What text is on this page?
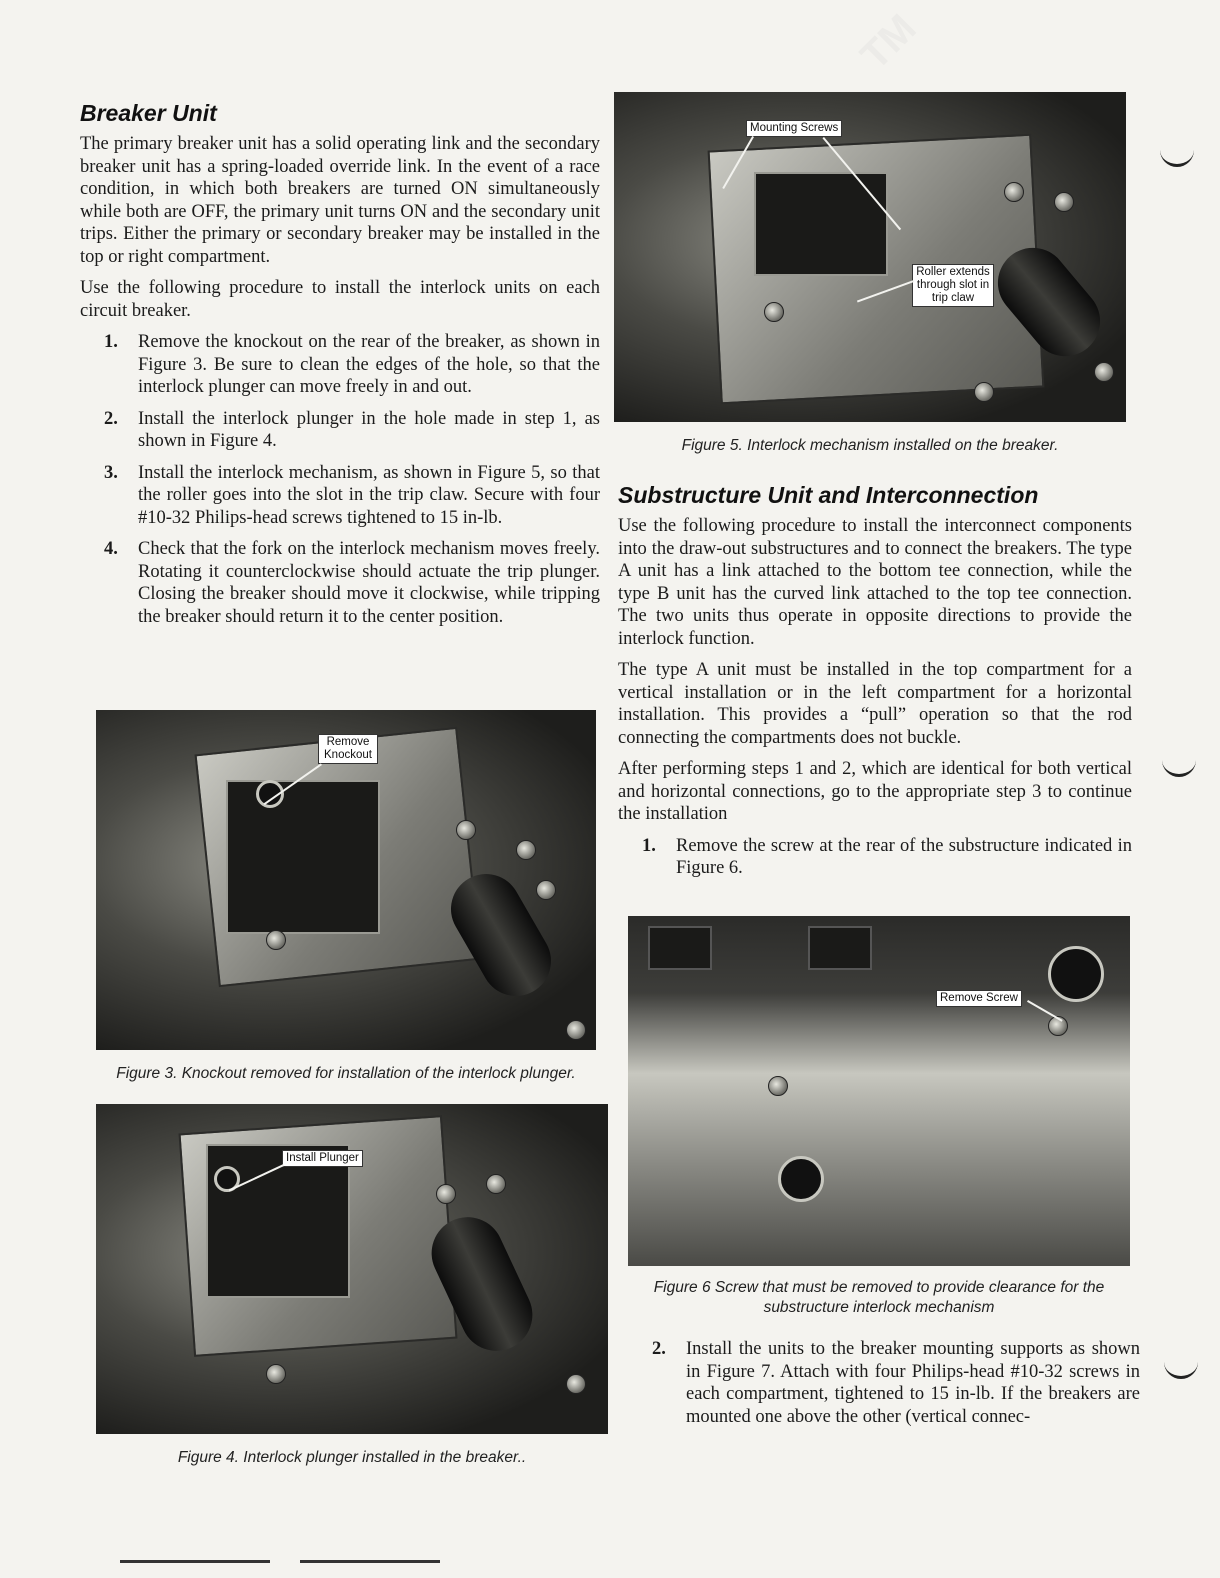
TM
Breaker Unit

The primary breaker unit has a solid operating link and the secondary breaker unit has a spring-loaded override link. In the event of a race condition, in which both breakers are turned ON simultaneously while both are OFF, the primary unit turns ON and the secondary unit trips. Either the primary or secondary breaker may be installed in the top or right compartment.

Use the following procedure to install the interlock units on each circuit breaker.

1. Remove the knockout on the rear of the breaker, as shown in Figure 3. Be sure to clean the edges of the hole, so that the interlock plunger can move freely in and out.
2. Install the interlock plunger in the hole made in step 1, as shown in Figure 4.
3. Install the interlock mechanism, as shown in Figure 5, so that the roller goes into the slot in the trip claw. Secure with four #10-32 Philips-head screws tightened to 15 in-lb.
4. Check that the fork on the interlock mechanism moves freely. Rotating it counterclockwise should actuate the trip plunger. Closing the breaker should move it clockwise, while tripping the breaker should return it to the center position.
Remove Knockout
Figure 3. Knockout removed for installation of the interlock plunger.
Install Plunger
Figure 4. Interlock plunger installed in the breaker..
Mounting Screws
Roller extends through slot in trip claw
Figure 5. Interlock mechanism installed on the breaker.
Substructure Unit and Interconnection

Use the following procedure to install the interconnect components into the draw-out substructures and to connect the breakers. The type A unit has a link attached to the bottom tee connection, while the type B unit has the curved link attached to the top tee connection. The two units thus operate in opposite directions to provide the interlock function.

The type A unit must be installed in the top compartment for a vertical installation or in the left compartment for a horizontal installation. This provides a “pull” operation so that the rod connecting the compartments does not buckle.

After performing steps 1 and 2, which are identical for both vertical and horizontal connections, go to the appropriate step 3 to continue the installation

1. Remove the screw at the rear of the substructure indicated in Figure 6.
Remove Screw
Figure 6 Screw that must be removed to provide clearance for the substructure interlock mechanism
2. Install the units to the breaker mounting supports as shown in Figure 7. Attach with four Philips-head #10-32 screws in each compartment, tightened to 15 in-lb. If the breakers are mounted one above the other (vertical connec-
